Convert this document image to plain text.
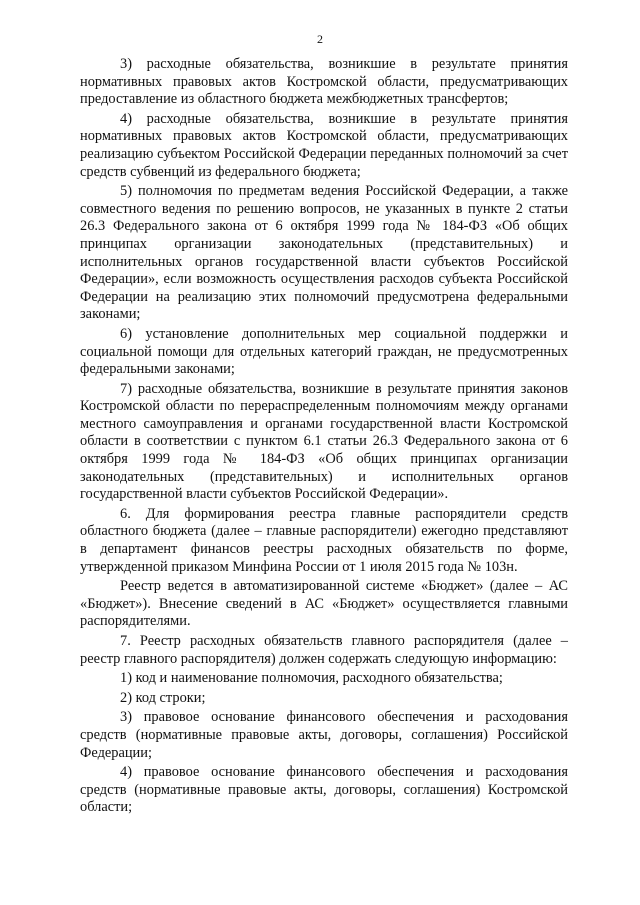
2

3) расходные обязательства, возникшие в результате принятия нормативных правовых актов Костромской области, предусматривающих предоставление из областного бюджета межбюджетных трансфертов;

4) расходные обязательства, возникшие в результате принятия нормативных правовых актов Костромской области, предусматривающих реализацию субъектом Российской Федерации переданных полномочий за счет средств субвенций из федерального бюджета;

5) полномочия по предметам ведения Российской Федерации, а также совместного ведения по решению вопросов, не указанных в пункте 2 статьи 26.3 Федерального закона от 6 октября 1999 года № 184-ФЗ «Об общих принципах организации законодательных (представительных) и исполнительных органов государственной власти субъектов Российской Федерации», если возможность осуществления расходов субъекта Российской Федерации на реализацию этих полномочий предусмотрена федеральными законами;

6) установление дополнительных мер социальной поддержки и социальной помощи для отдельных категорий граждан, не предусмотренных федеральными законами;

7) расходные обязательства, возникшие в результате принятия законов Костромской области по перераспределенным полномочиям между органами местного самоуправления и органами государственной власти Костромской области в соответствии с пунктом 6.1 статьи 26.3 Федерального закона от 6 октября 1999 года № 184-ФЗ «Об общих принципах организации законодательных (представительных) и исполнительных органов государственной власти субъектов Российской Федерации».

6. Для формирования реестра главные распорядители средств областного бюджета (далее – главные распорядители) ежегодно представляют в департамент финансов реестры расходных обязательств по форме, утвержденной приказом Минфина России от 1 июля 2015 года № 103н.

Реестр ведется в автоматизированной системе «Бюджет» (далее – АС «Бюджет»). Внесение сведений в АС «Бюджет» осуществляется главными распорядителями.

7. Реестр расходных обязательств главного распорядителя (далее – реестр главного распорядителя) должен содержать следующую информацию:

1) код и наименование полномочия, расходного обязательства;

2) код строки;

3) правовое основание финансового обеспечения и расходования средств (нормативные правовые акты, договоры, соглашения) Российской Федерации;

4) правовое основание финансового обеспечения и расходования средств (нормативные правовые акты, договоры, соглашения) Костромской области;
